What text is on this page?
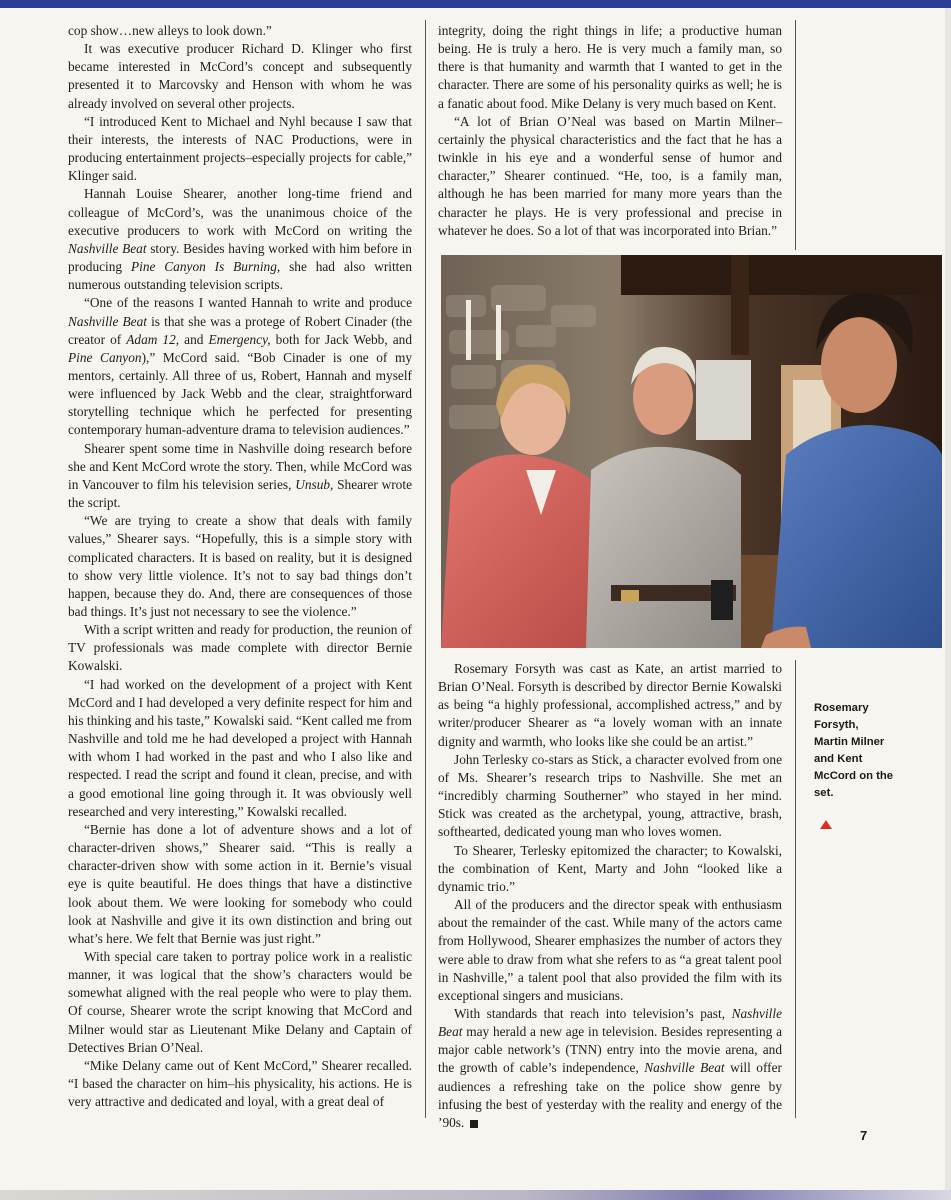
cop show…new alleys to look down.”

It was executive producer Richard D. Klinger who first became interested in McCord’s concept and subsequently presented it to Marcovsky and Henson with whom he was already involved on several other projects.

“I introduced Kent to Michael and Nyhl because I saw that their interests, the interests of NAC Productions, were in producing entertainment projects–especially projects for cable,” Klinger said.

Hannah Louise Shearer, another long-time friend and colleague of McCord’s, was the unanimous choice of the executive producers to work with McCord on writing the Nashville Beat story. Besides having worked with him before in producing Pine Canyon Is Burning, she had also written numerous outstanding television scripts.

“One of the reasons I wanted Hannah to write and produce Nashville Beat is that she was a protege of Robert Cinader (the creator of Adam 12, and Emergency, both for Jack Webb, and Pine Canyon),” McCord said. “Bob Cinader is one of my mentors, certainly. All three of us, Robert, Hannah and myself were influenced by Jack Webb and the clear, straightforward storytelling technique which he perfected for presenting contemporary human-adventure drama to television audiences.”

Shearer spent some time in Nashville doing research before she and Kent McCord wrote the story. Then, while McCord was in Vancouver to film his television series, Unsub, Shearer wrote the script.

“We are trying to create a show that deals with family values,” Shearer says. “Hopefully, this is a simple story with complicated characters. It is based on reality, but it is designed to show very little violence. It’s not to say bad things don’t happen, because they do. And, there are consequences of those bad things. It’s just not necessary to see the violence.”

With a script written and ready for production, the reunion of TV professionals was made complete with director Bernie Kowalski.

“I had worked on the development of a project with Kent McCord and I had developed a very definite respect for him and his thinking and his taste,” Kowalski said. “Kent called me from Nashville and told me he had developed a project with Hannah with whom I had worked in the past and who I also like and respected. I read the script and found it clean, precise, and with a good emotional line going through it. It was obviously well researched and very interesting,” Kowalski recalled.

“Bernie has done a lot of adventure shows and a lot of character-driven shows,” Shearer said. “This is really a character-driven show with some action in it. Bernie’s visual eye is quite beautiful. He does things that have a distinctive look about them. We were looking for somebody who could look at Nashville and give it its own distinction and bring out what’s here. We felt that Bernie was just right.”

With special care taken to portray police work in a realistic manner, it was logical that the show’s characters would be somewhat aligned with the real people who were to play them. Of course, Shearer wrote the script knowing that McCord and Milner would star as Lieutenant Mike Delany and Captain of Detectives Brian O’Neal.

“Mike Delany came out of Kent McCord,” Shearer recalled. “I based the character on him–his physicality, his actions. He is very attractive and dedicated and loyal, with a great deal of

integrity, doing the right things in life; a productive human being. He is truly a hero. He is very much a family man, so there is that humanity and warmth that I wanted to get in the character. There are some of his personality quirks as well; he is a fanatic about food. Mike Delany is very much based on Kent.

“A lot of Brian O’Neal was based on Martin Milner–certainly the physical characteristics and the fact that he has a twinkle in his eye and a wonderful sense of humor and character,” Shearer continued. “He, too, is a family man, although he has been married for many more years than the character he plays. He is very professional and precise in whatever he does. So a lot of that was incorporated into Brian.”

Rosemary Forsyth was cast as Kate, an artist married to Brian O’Neal. Forsyth is described by director Bernie Kowalski as being “a highly professional, accomplished actress,” and by writer/producer Shearer as “a lovely woman with an innate dignity and warmth, who looks like she could be an artist.”

John Terlesky co-stars as Stick, a character evolved from one of Ms. Shearer’s research trips to Nashville. She met an “incredibly charming Southerner” who stayed in her mind. Stick was created as the archetypal, young, attractive, brash, softhearted, dedicated young man who loves women.

To Shearer, Terlesky epitomized the character; to Kowalski, the combination of Kent, Marty and John “looked like a dynamic trio.”

All of the producers and the director speak with enthusiasm about the remainder of the cast. While many of the actors came from Hollywood, Shearer emphasizes the number of actors they were able to draw from what she refers to as “a great talent pool in Nashville,” a talent pool that also provided the film with its exceptional singers and musicians.

With standards that reach into television’s past, Nashville Beat may herald a new age in television. Besides representing a major cable network’s (TNN) entry into the movie arena, and the growth of cable’s independence, Nashville Beat will offer audiences a refreshing take on the police show genre by infusing the best of yesterday with the reality and energy of the ’90s.

Rosemary Forsyth, Martin Milner and Kent McCord on the set.
7
